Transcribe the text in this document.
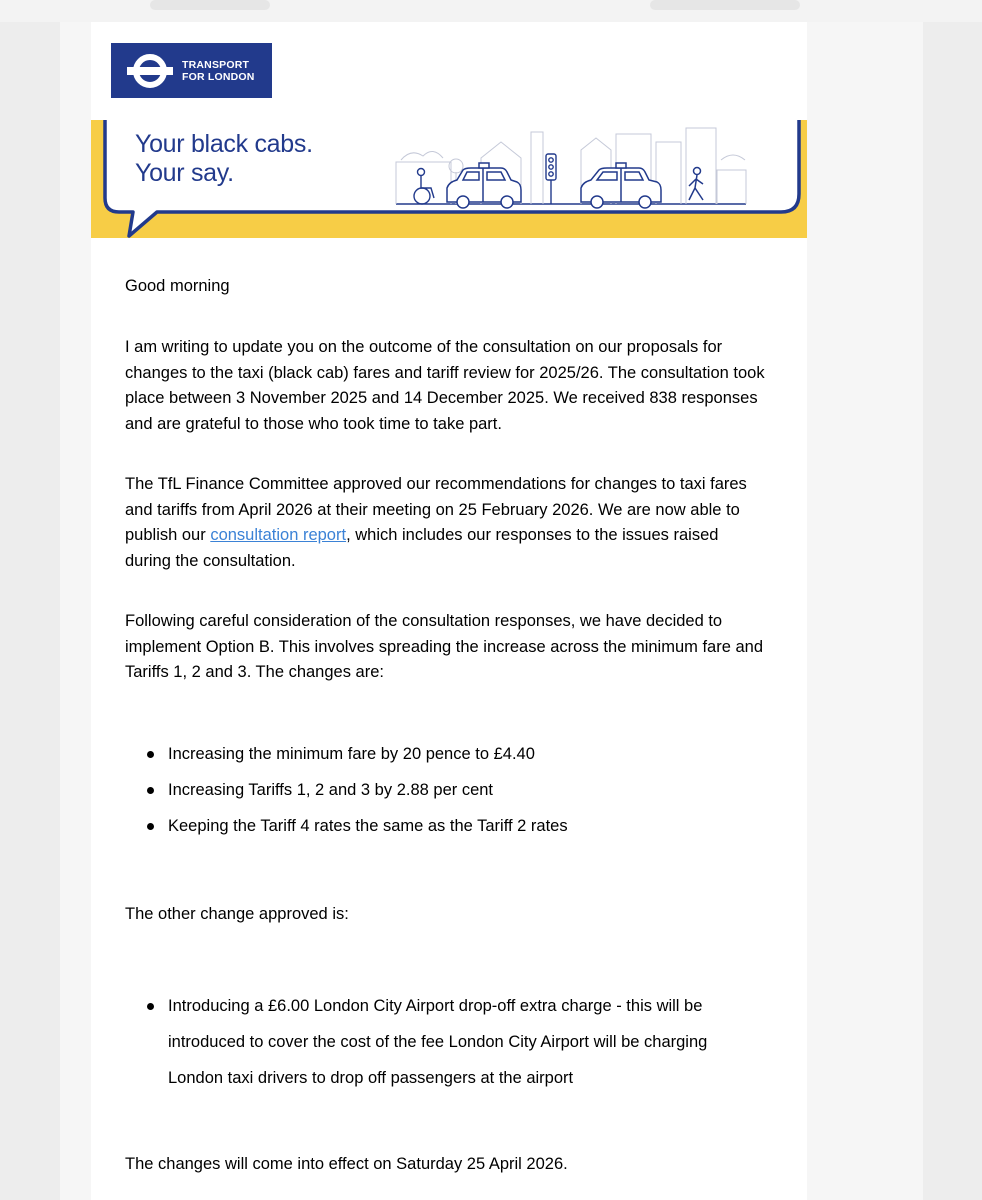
TRANSPORT
FOR LONDON
Your black cabs.
Your say.

Good morning

I am writing to update you on the outcome of the consultation on our proposals for changes to the taxi (black cab) fares and tariff review for 2025/26. The consultation took place between 3 November 2025 and 14 December 2025. We received 838 responses and are grateful to those who took time to take part.

The TfL Finance Committee approved our recommendations for changes to taxi fares and tariffs from April 2026 at their meeting on 25 February 2026. We are now able to publish our consultation report, which includes our responses to the issues raised during the consultation.

Following careful consideration of the consultation responses, we have decided to implement Option B. This involves spreading the increase across the minimum fare and Tariffs 1, 2 and 3. The changes are:

Increasing the minimum fare by 20 pence to £4.40
Increasing Tariffs 1, 2 and 3 by 2.88 per cent
Keeping the Tariff 4 rates the same as the Tariff 2 rates

The other change approved is:

Introducing a £6.00 London City Airport drop-off extra charge - this will be introduced to cover the cost of the fee London City Airport will be charging London taxi drivers to drop off passengers at the airport

The changes will come into effect on Saturday 25 April 2026.
